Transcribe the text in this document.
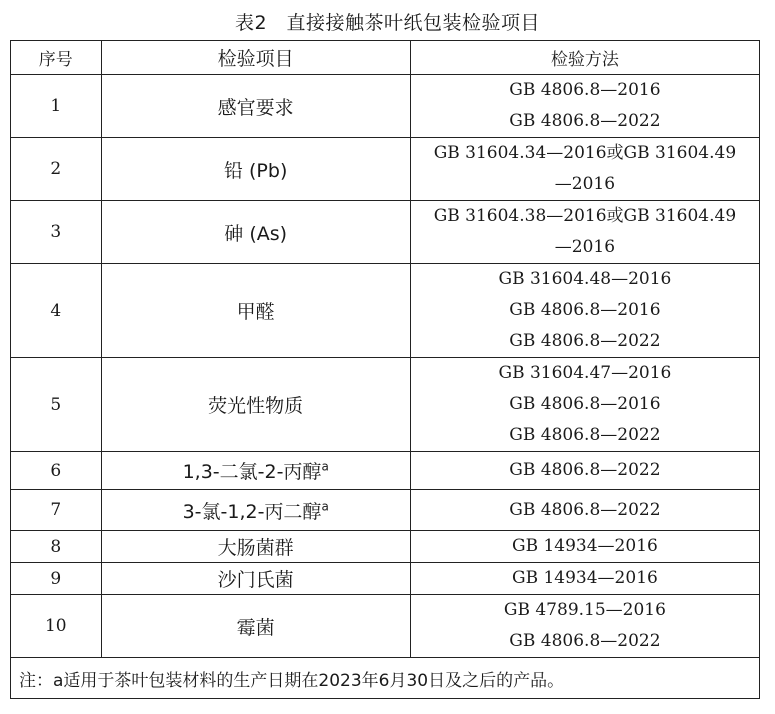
表2　直接接触茶叶纸包装检验项目
序号	检验项目	检验方法
1	感官要求	GB 4806.8—2016
GB 4806.8—2022

2	铅 (Pb)	GB 31604.34—2016或GB 31604.49
—2016

3	砷 (As)	GB 31604.38—2016或GB 31604.49
—2016

4	甲醛	GB 31604.48—2016
GB 4806.8—2016
GB 4806.8—2022

5	荧光性物质	GB 31604.47—2016
GB 4806.8—2016
GB 4806.8—2022

6	1,3-二氯-2-丙醇$^a$	GB 4806.8—2022

7	3-氯-1,2-丙二醇$^a$	GB 4806.8—2022

8	大肠菌群	GB 14934—2016

9	沙门氏菌	GB 14934—2016

10	霉菌	GB 4789.15—2016
GB 4806.8—2022

注：a适用于茶叶包装材料的生产日期在2023年6月30日及之后的产品。		
